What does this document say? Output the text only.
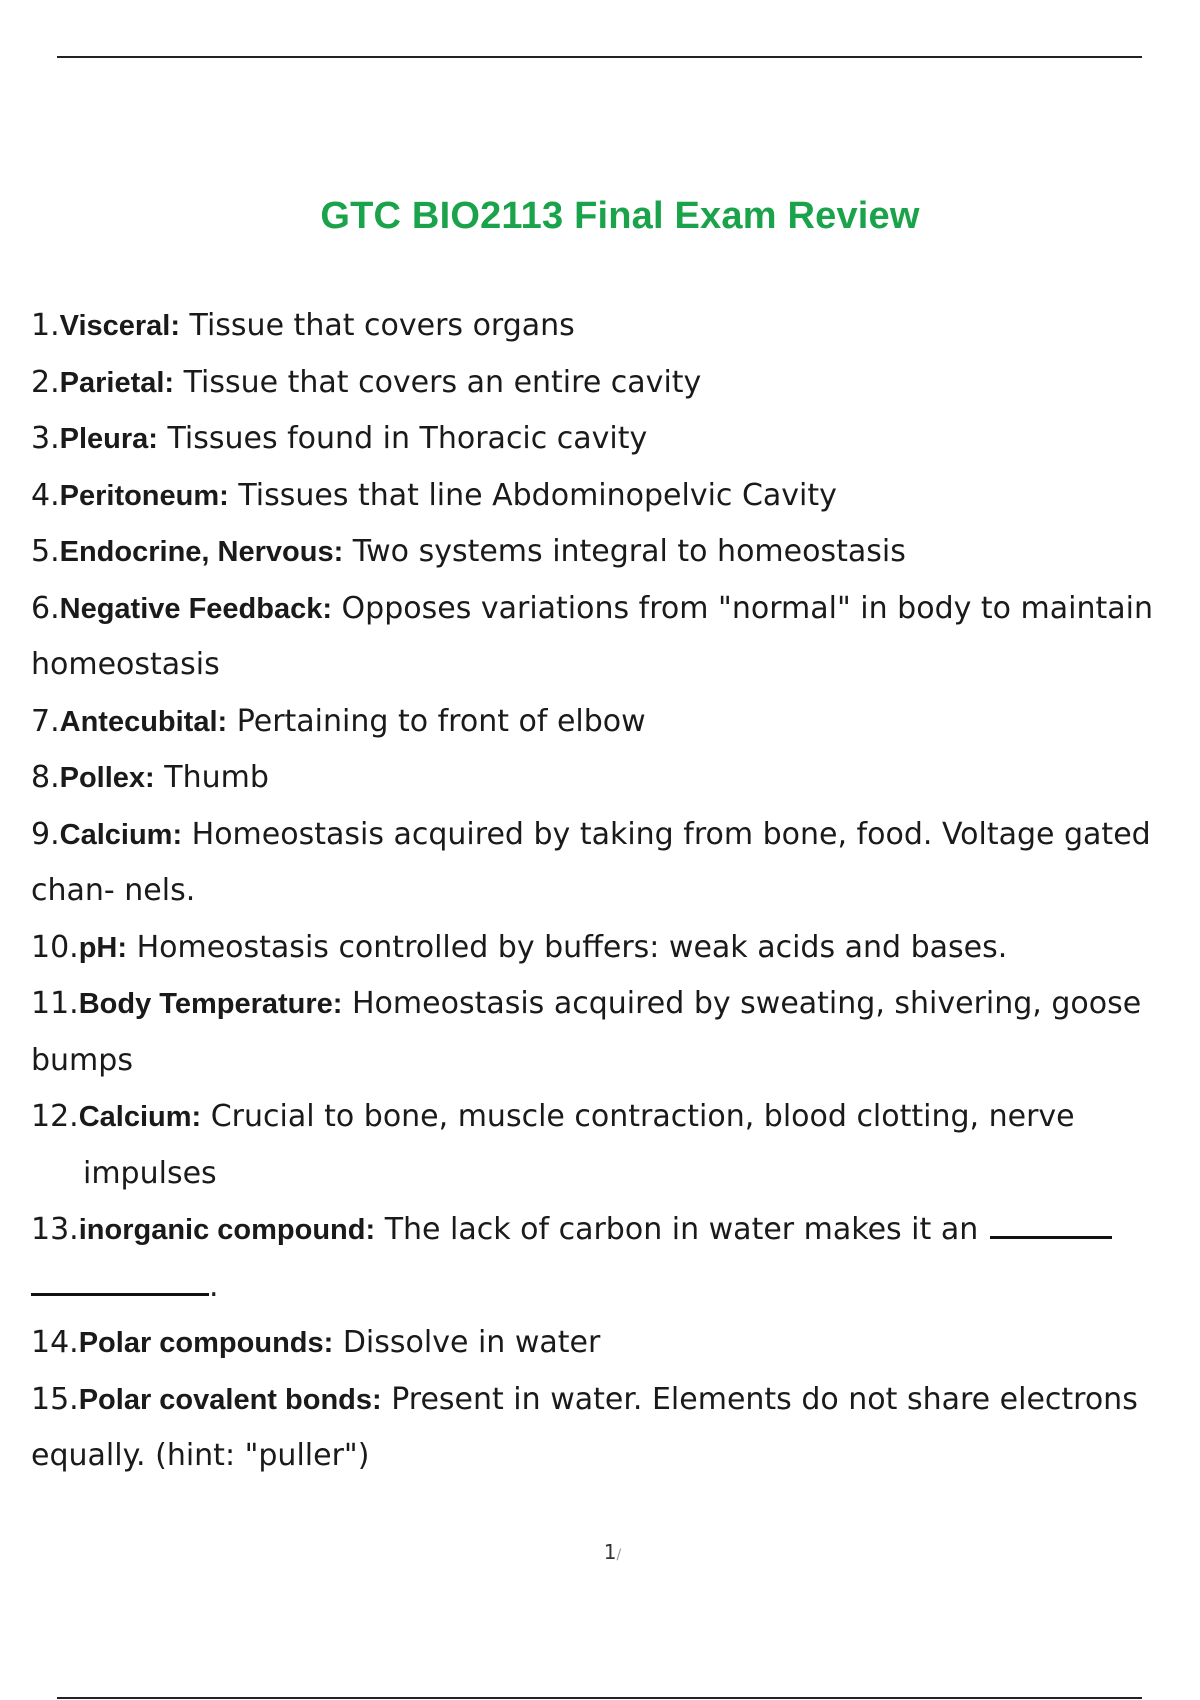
GTC BIO2113 Final Exam Review
1.Visceral: Tissue that covers organs
2.Parietal: Tissue that covers an entire cavity
3.Pleura: Tissues found in Thoracic cavity
4.Peritoneum: Tissues that line Abdominopelvic Cavity
5.Endocrine, Nervous: Two systems integral to homeostasis
6.Negative Feedback: Opposes variations from "normal" in body to maintain homeostasis
7.Antecubital: Pertaining to front of elbow
8.Pollex: Thumb
9.Calcium: Homeostasis acquired by taking from bone, food. Voltage gated chan- nels.
10.pH: Homeostasis controlled by buffers: weak acids and bases.
11.Body Temperature: Homeostasis acquired by sweating, shivering, goose bumps
12.Calcium: Crucial to bone, muscle contraction, blood clotting, nerve
impulses
13.inorganic compound: The lack of carbon in water makes it an
.
14.Polar compounds: Dissolve in water
15.Polar covalent bonds: Present in water. Elements do not share electrons equally. (hint: "puller")
1/
